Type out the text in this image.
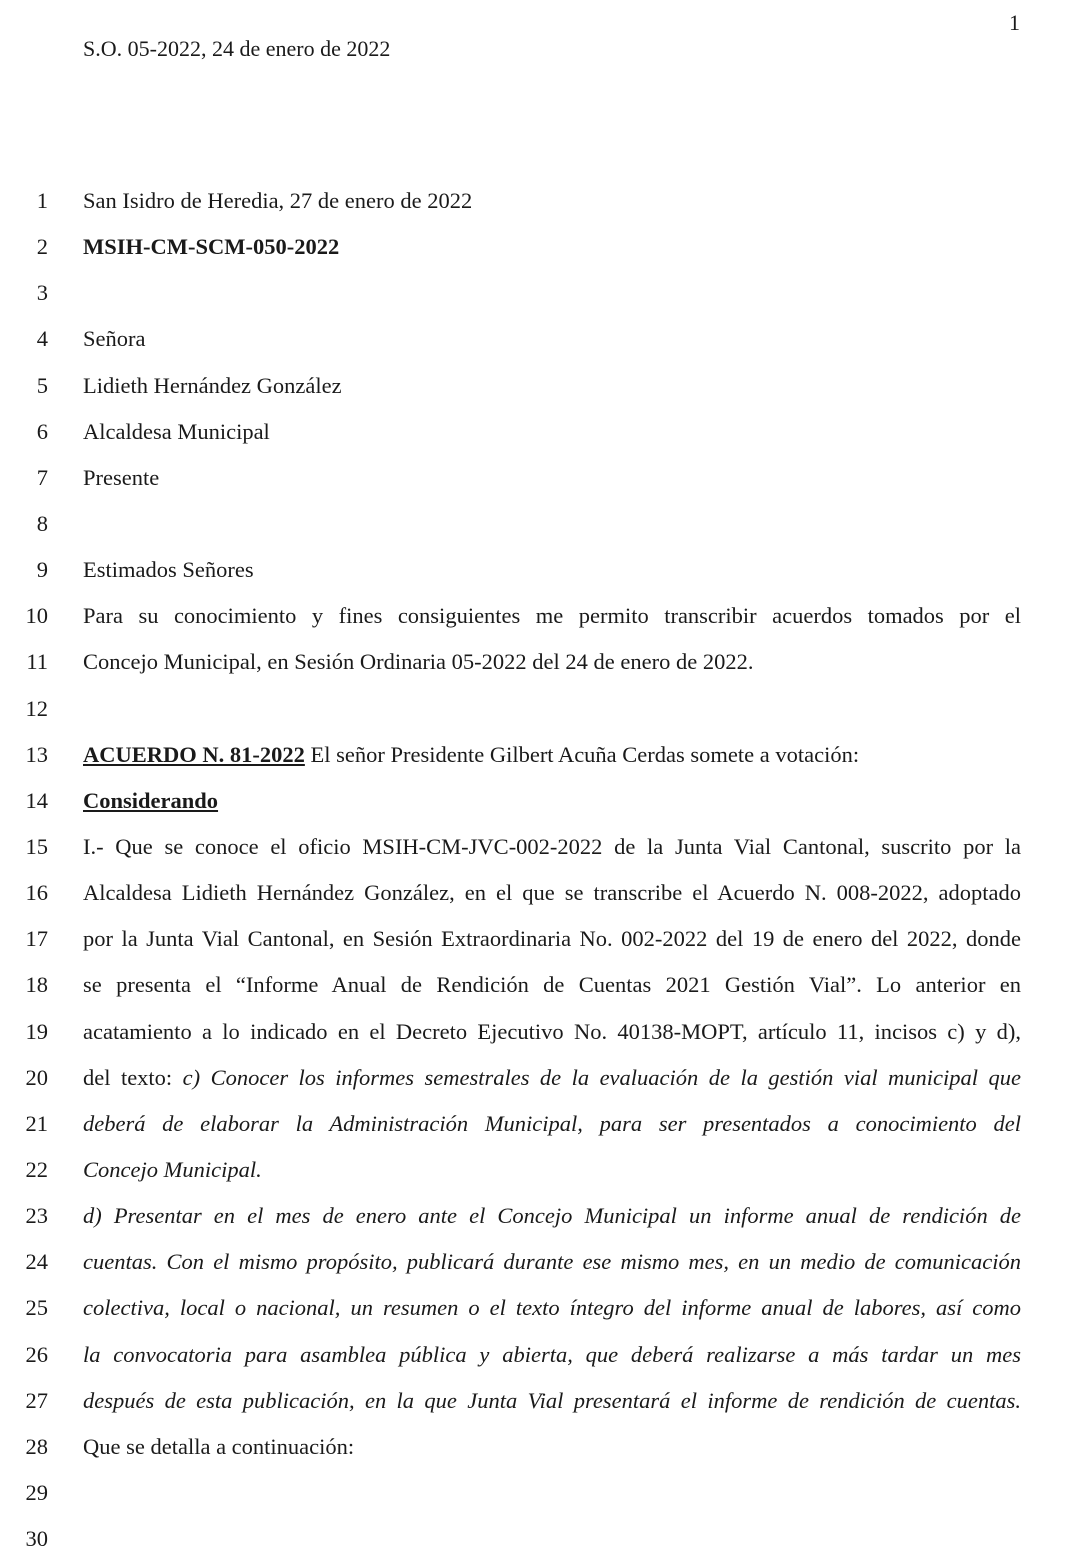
1
S.O. 05-2022, 24 de enero de 2022
1 San Isidro de Heredia, 27 de enero de 2022
2 MSIH-CM-SCM-050-2022
3
4 Señora
5 Lidieth Hernández González
6 Alcaldesa Municipal
7 Presente
8
9 Estimados Señores
10 Para su conocimiento y fines consiguientes me permito transcribir acuerdos tomados por el
11 Concejo Municipal, en Sesión Ordinaria 05-2022 del 24 de enero de 2022.
12
13 ACUERDO N. 81-2022 El señor Presidente Gilbert Acuña Cerdas somete a votación:
14 Considerando
15 I.- Que se conoce el oficio MSIH-CM-JVC-002-2022 de la Junta Vial Cantonal, suscrito por la
16 Alcaldesa Lidieth Hernández González, en el que se transcribe el Acuerdo N. 008-2022, adoptado
17 por la Junta Vial Cantonal, en Sesión Extraordinaria No. 002-2022 del 19 de enero del 2022, donde
18 se presenta el “Informe Anual de Rendición de Cuentas 2021 Gestión Vial”. Lo anterior en
19 acatamiento a lo indicado en el Decreto Ejecutivo No. 40138-MOPT, artículo 11, incisos c) y d),
20 del texto: c) Conocer los informes semestrales de la evaluación de la gestión vial municipal que
21 deberá de elaborar la Administración Municipal, para ser presentados a conocimiento del
22 Concejo Municipal.
23 d) Presentar en el mes de enero ante el Concejo Municipal un informe anual de rendición de
24 cuentas. Con el mismo propósito, publicará durante ese mismo mes, en un medio de comunicación
25 colectiva, local o nacional, un resumen o el texto íntegro del informe anual de labores, así como
26 la convocatoria para asamblea pública y abierta, que deberá realizarse a más tardar un mes
27 después de esta publicación, en la que Junta Vial presentará el informe de rendición de cuentas.
28 Que se detalla a continuación:
29
30
